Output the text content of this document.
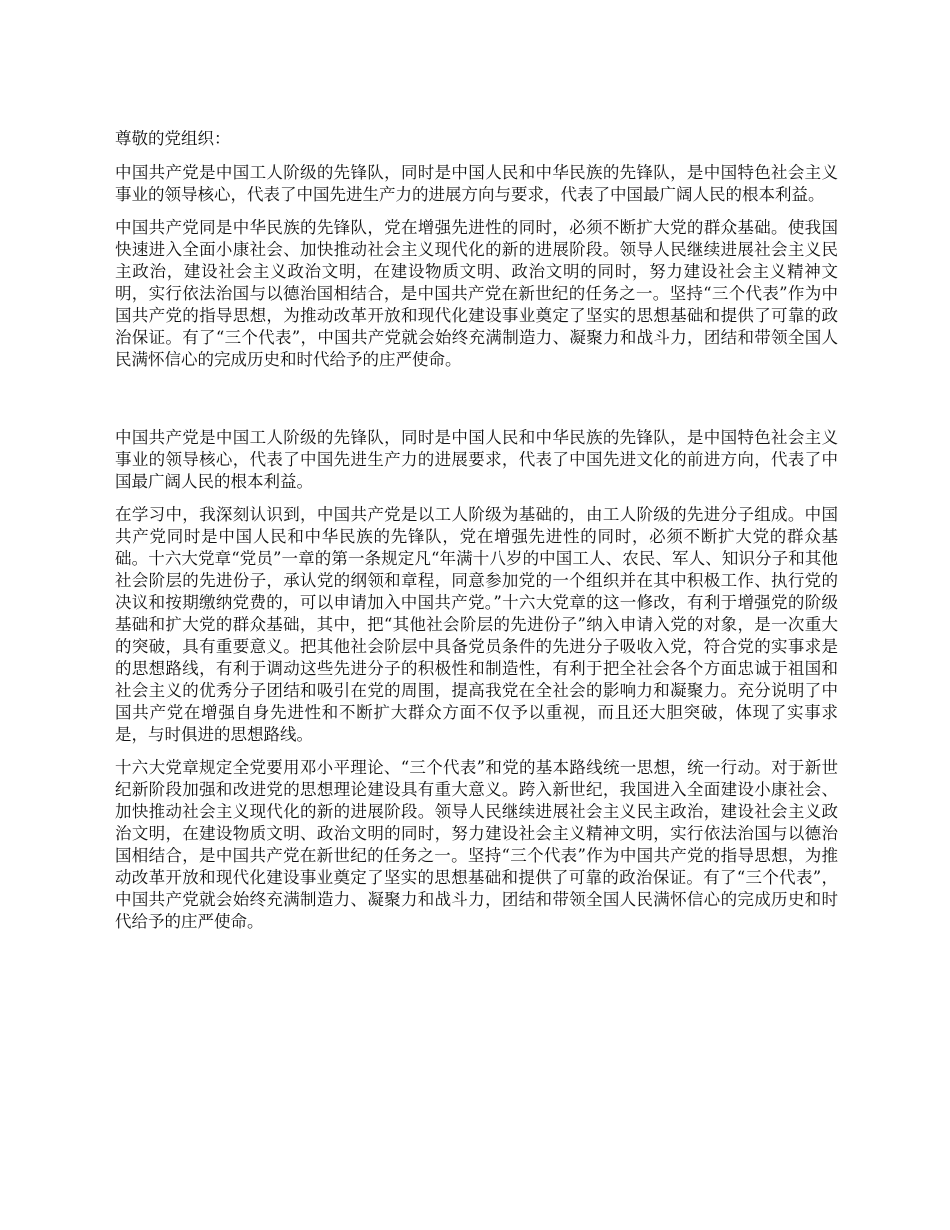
尊敬的党组织：

中国共产党是中国工人阶级的先锋队，同时是中国人民和中华民族的先锋队，是中国特色社会主义事业的领导核心，代表了中国先进生产力的进展方向与要求，代表了中国最广阔人民的根本利益。

中国共产党同是中华民族的先锋队，党在增强先进性的同时，必须不断扩大党的群众基础。使我国快速进入全面小康社会、加快推动社会主义现代化的新的进展阶段。领导人民继续进展社会主义民主政治，建设社会主义政治文明，在建设物质文明、政治文明的同时，努力建设社会主义精神文明，实行依法治国与以德治国相结合，是中国共产党在新世纪的任务之一。坚持“三个代表”作为中国共产党的指导思想，为推动改革开放和现代化建设事业奠定了坚实的思想基础和提供了可靠的政治保证。有了“三个代表”，中国共产党就会始终充满制造力、凝聚力和战斗力，团结和带领全国人民满怀信心的完成历史和时代给予的庄严使命。

中国共产党是中国工人阶级的先锋队，同时是中国人民和中华民族的先锋队，是中国特色社会主义事业的领导核心，代表了中国先进生产力的进展要求，代表了中国先进文化的前进方向，代表了中国最广阔人民的根本利益。

在学习中，我深刻认识到，中国共产党是以工人阶级为基础的，由工人阶级的先进分子组成。中国共产党同时是中国人民和中华民族的先锋队，党在增强先进性的同时，必须不断扩大党的群众基础。十六大党章“党员”一章的第一条规定凡“年满十八岁的中国工人、农民、军人、知识分子和其他社会阶层的先进份子，承认党的纲领和章程，同意参加党的一个组织并在其中积极工作、执行党的决议和按期缴纳党费的，可以申请加入中国共产党。”十六大党章的这一修改，有利于增强党的阶级基础和扩大党的群众基础，其中，把“其他社会阶层的先进份子”纳入申请入党的对象，是一次重大的突破，具有重要意义。把其他社会阶层中具备党员条件的先进分子吸收入党，符合党的实事求是的思想路线，有利于调动这些先进分子的积极性和制造性，有利于把全社会各个方面忠诚于祖国和社会主义的优秀分子团结和吸引在党的周围，提高我党在全社会的影响力和凝聚力。充分说明了中国共产党在增强自身先进性和不断扩大群众方面不仅予以重视，而且还大胆突破，体现了实事求是，与时俱进的思想路线。

十六大党章规定全党要用邓小平理论、“三个代表”和党的基本路线统一思想，统一行动。对于新世纪新阶段加强和改进党的思想理论建设具有重大意义。跨入新世纪，我国进入全面建设小康社会、加快推动社会主义现代化的新的进展阶段。领导人民继续进展社会主义民主政治，建设社会主义政治文明，在建设物质文明、政治文明的同时，努力建设社会主义精神文明，实行依法治国与以德治国相结合，是中国共产党在新世纪的任务之一。坚持“三个代表”作为中国共产党的指导思想，为推动改革开放和现代化建设事业奠定了坚实的思想基础和提供了可靠的政治保证。有了“三个代表”，中国共产党就会始终充满制造力、凝聚力和战斗力，团结和带领全国人民满怀信心的完成历史和时代给予的庄严使命。
